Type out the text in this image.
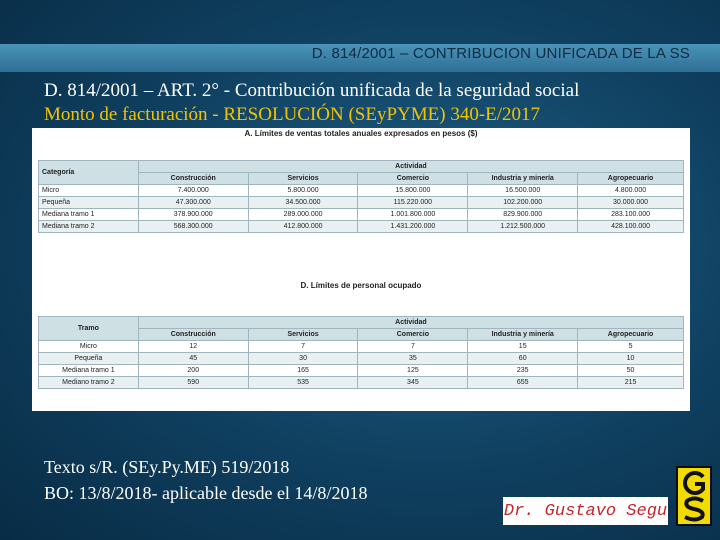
D. 814/2001 – CONTRIBUCION UNIFICADA DE LA SS
D. 814/2001 – ART. 2° - Contribución unificada de la seguridad social
Monto de facturación - RESOLUCIÓN (SEyPYME) 340-E/2017
A. Límites de ventas totales anuales expresados en pesos ($)
Categoría	Actividad				
	Construcción	Servicios	Comercio	Industria y minería	Agropecuario
Micro	7.400.000	5.800.000	15.800.000	16.500.000	4.800.000
Pequeña	47.300.000	34.500.000	115.220.000	102.200.000	30.000.000
Mediana tramo 1	378.900.000	289.000.000	1.001.800.000	829.900.000	283.100.000
Mediana tramo 2	568.300.000	412.800.000	1.431.200.000	1.212.500.000	428.100.000
D. Límites de personal ocupado
Tramo	Actividad				
	Construcción	Servicios	Comercio	Industria y minería	Agropecuario
Micro	12	7	7	15	5
Pequeña	45	30	35	60	10
Mediana tramo 1	200	165	125	235	50
Mediano tramo 2	590	535	345	655	215
Texto s/R. (SEy.Py.ME) 519/2018
BO: 13/8/2018- aplicable desde el 14/8/2018
Dr. Gustavo Segu
